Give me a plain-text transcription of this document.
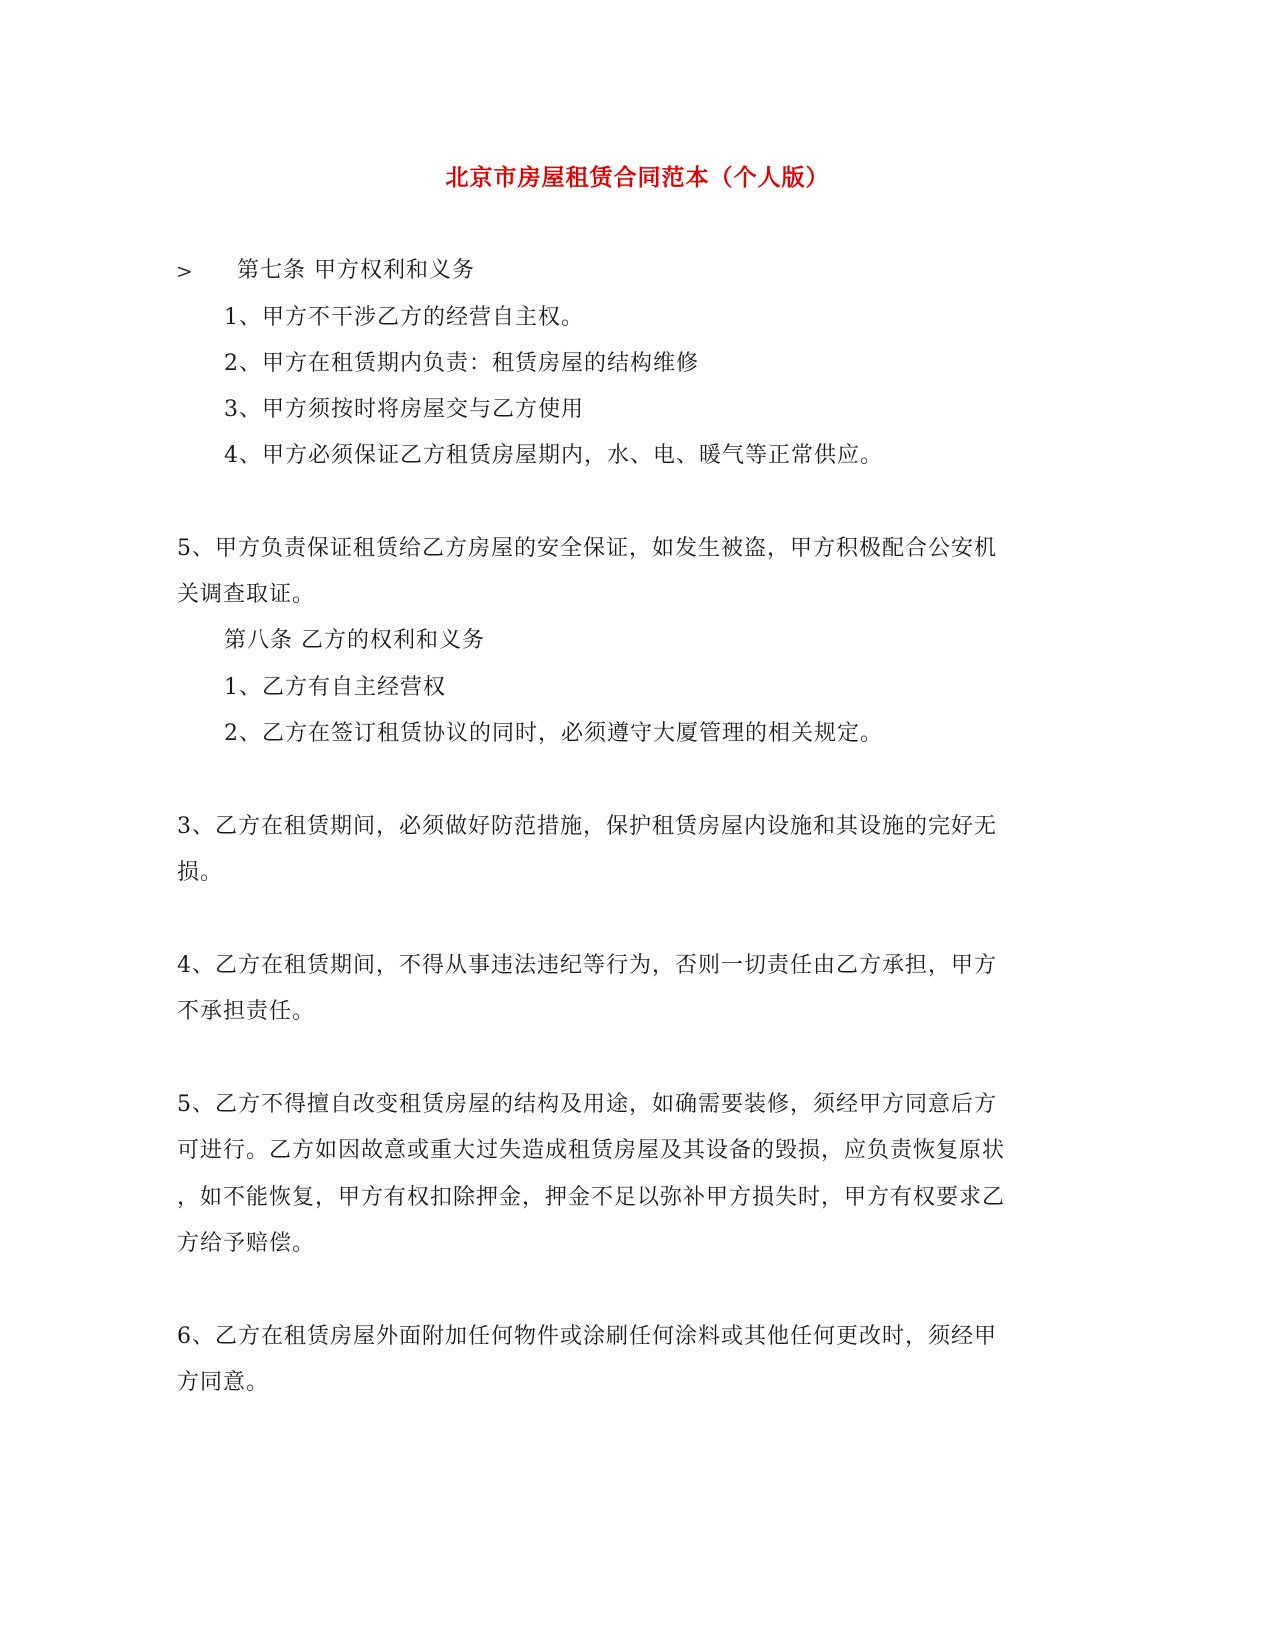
北京市房屋租赁合同范本（个人版）
> 第七条 甲方权利和义务
1、甲方不干涉乙方的经营自主权。
2、甲方在租赁期内负责：租赁房屋的结构维修
3、甲方须按时将房屋交与乙方使用
4、甲方必须保证乙方租赁房屋期内，水、电、暖气等正常供应。
5、甲方负责保证租赁给乙方房屋的安全保证，如发生被盗，甲方积极配合公安机
关调查取证。
第八条 乙方的权利和义务
1、乙方有自主经营权
2、乙方在签订租赁协议的同时，必须遵守大厦管理的相关规定。
3、乙方在租赁期间，必须做好防范措施，保护租赁房屋内设施和其设施的完好无
损。
4、乙方在租赁期间，不得从事违法违纪等行为，否则一切责任由乙方承担，甲方
不承担责任。
5、乙方不得擅自改变租赁房屋的结构及用途，如确需要装修，须经甲方同意后方
可进行。乙方如因故意或重大过失造成租赁房屋及其设备的毁损，应负责恢复原状
，如不能恢复，甲方有权扣除押金，押金不足以弥补甲方损失时，甲方有权要求乙
方给予赔偿。
6、乙方在租赁房屋外面附加任何物件或涂刷任何涂料或其他任何更改时，须经甲
方同意。
